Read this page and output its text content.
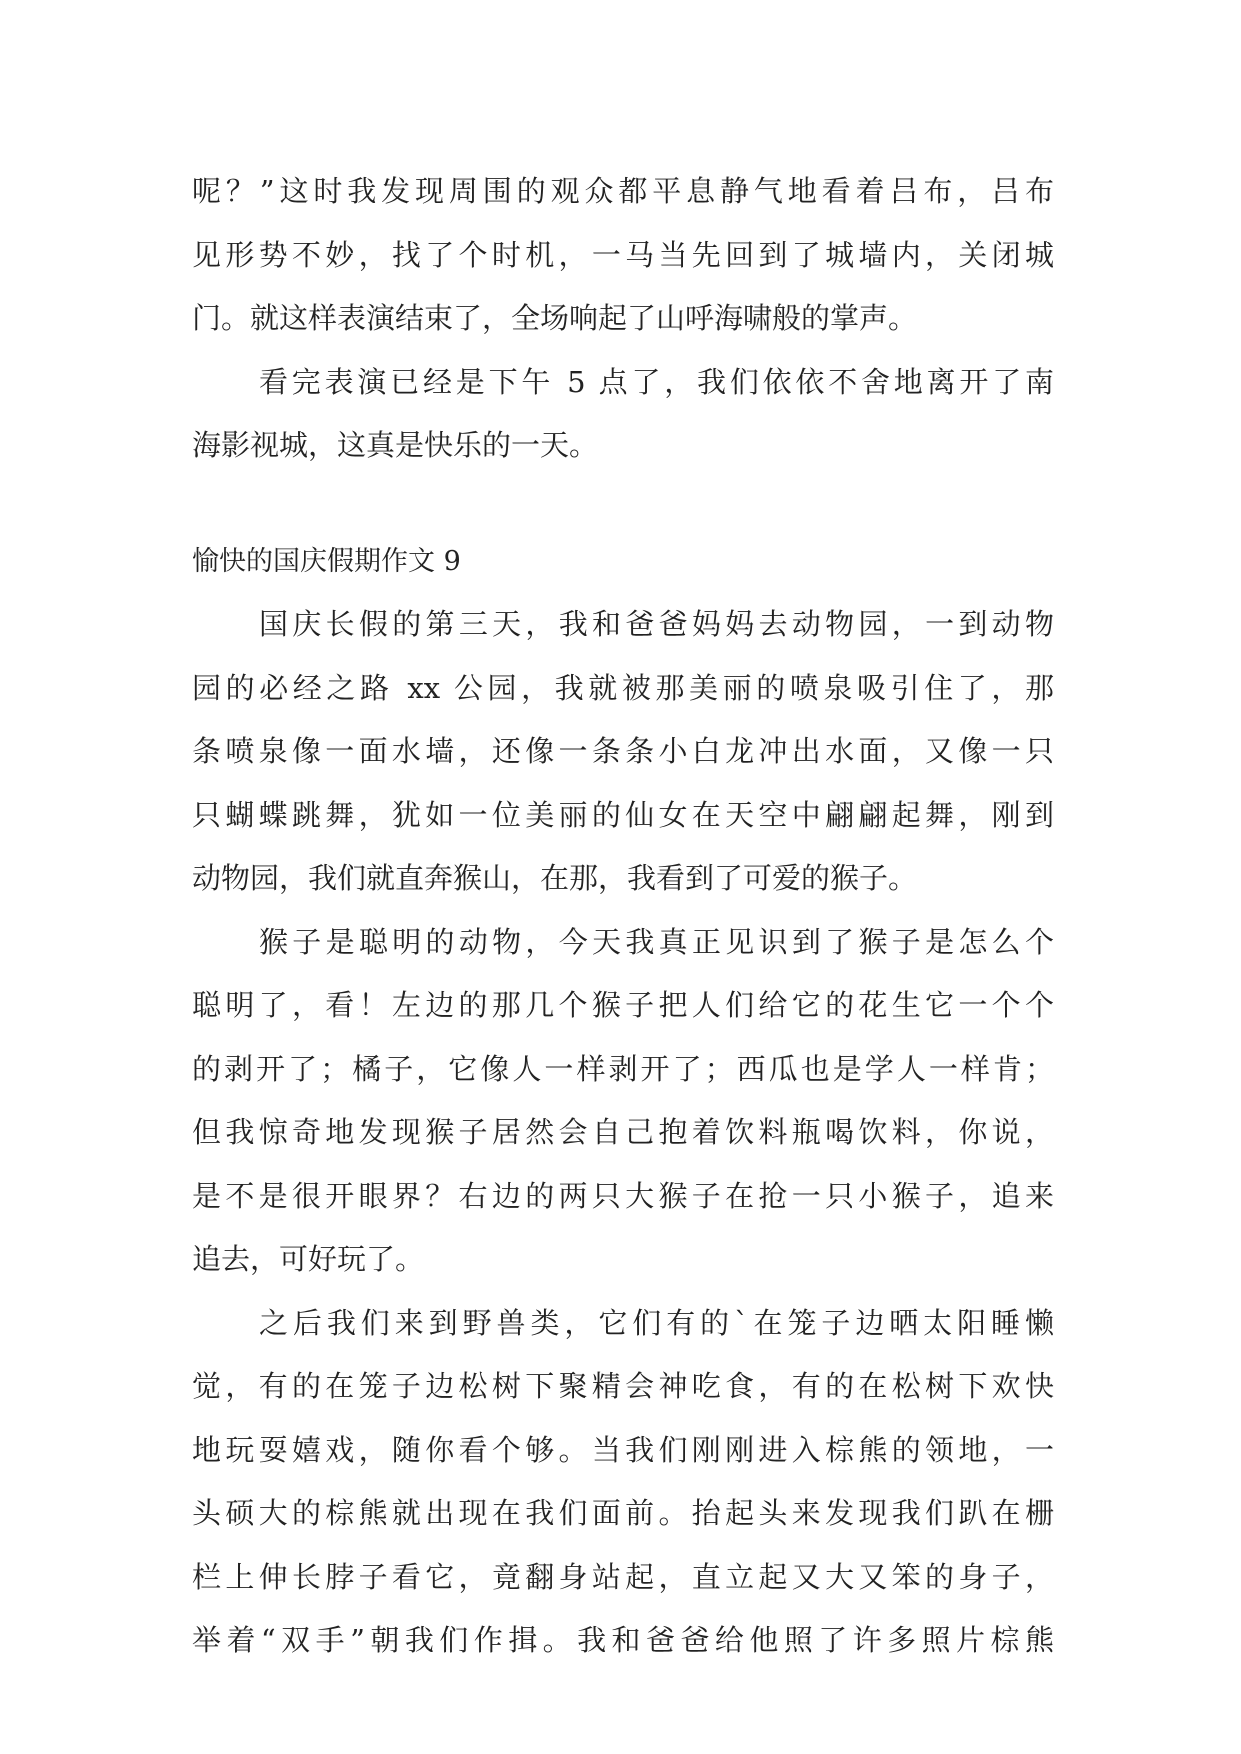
呢？”这时我发现周围的观众都平息静气地看着吕布，吕布
见形势不妙，找了个时机，一马当先回到了城墙内，关闭城
门。就这样表演结束了，全场响起了山呼海啸般的掌声。
看完表演已经是下午 5 点了，我们依依不舍地离开了南
海影视城，这真是快乐的一天。
愉快的国庆假期作文 9
国庆长假的第三天，我和爸爸妈妈去动物园，一到动物
园的必经之路 xx 公园，我就被那美丽的喷泉吸引住了，那
条喷泉像一面水墙，还像一条条小白龙冲出水面，又像一只
只蝴蝶跳舞，犹如一位美丽的仙女在天空中翩翩起舞，刚到
动物园，我们就直奔猴山，在那，我看到了可爱的猴子。
猴子是聪明的动物，今天我真正见识到了猴子是怎么个
聪明了，看！左边的那几个猴子把人们给它的花生它一个个
的剥开了；橘子，它像人一样剥开了；西瓜也是学人一样肯；
但我惊奇地发现猴子居然会自己抱着饮料瓶喝饮料，你说，
是不是很开眼界？右边的两只大猴子在抢一只小猴子，追来
追去，可好玩了。
之后我们来到野兽类，它们有的`在笼子边晒太阳睡懒
觉，有的在笼子边松树下聚精会神吃食，有的在松树下欢快
地玩耍嬉戏，随你看个够。当我们刚刚进入棕熊的领地，一
头硕大的棕熊就出现在我们面前。抬起头来发现我们趴在栅
栏上伸长脖子看它，竟翻身站起，直立起又大又笨的身子，
举着“双手”朝我们作揖。我和爸爸给他照了许多照片棕熊
